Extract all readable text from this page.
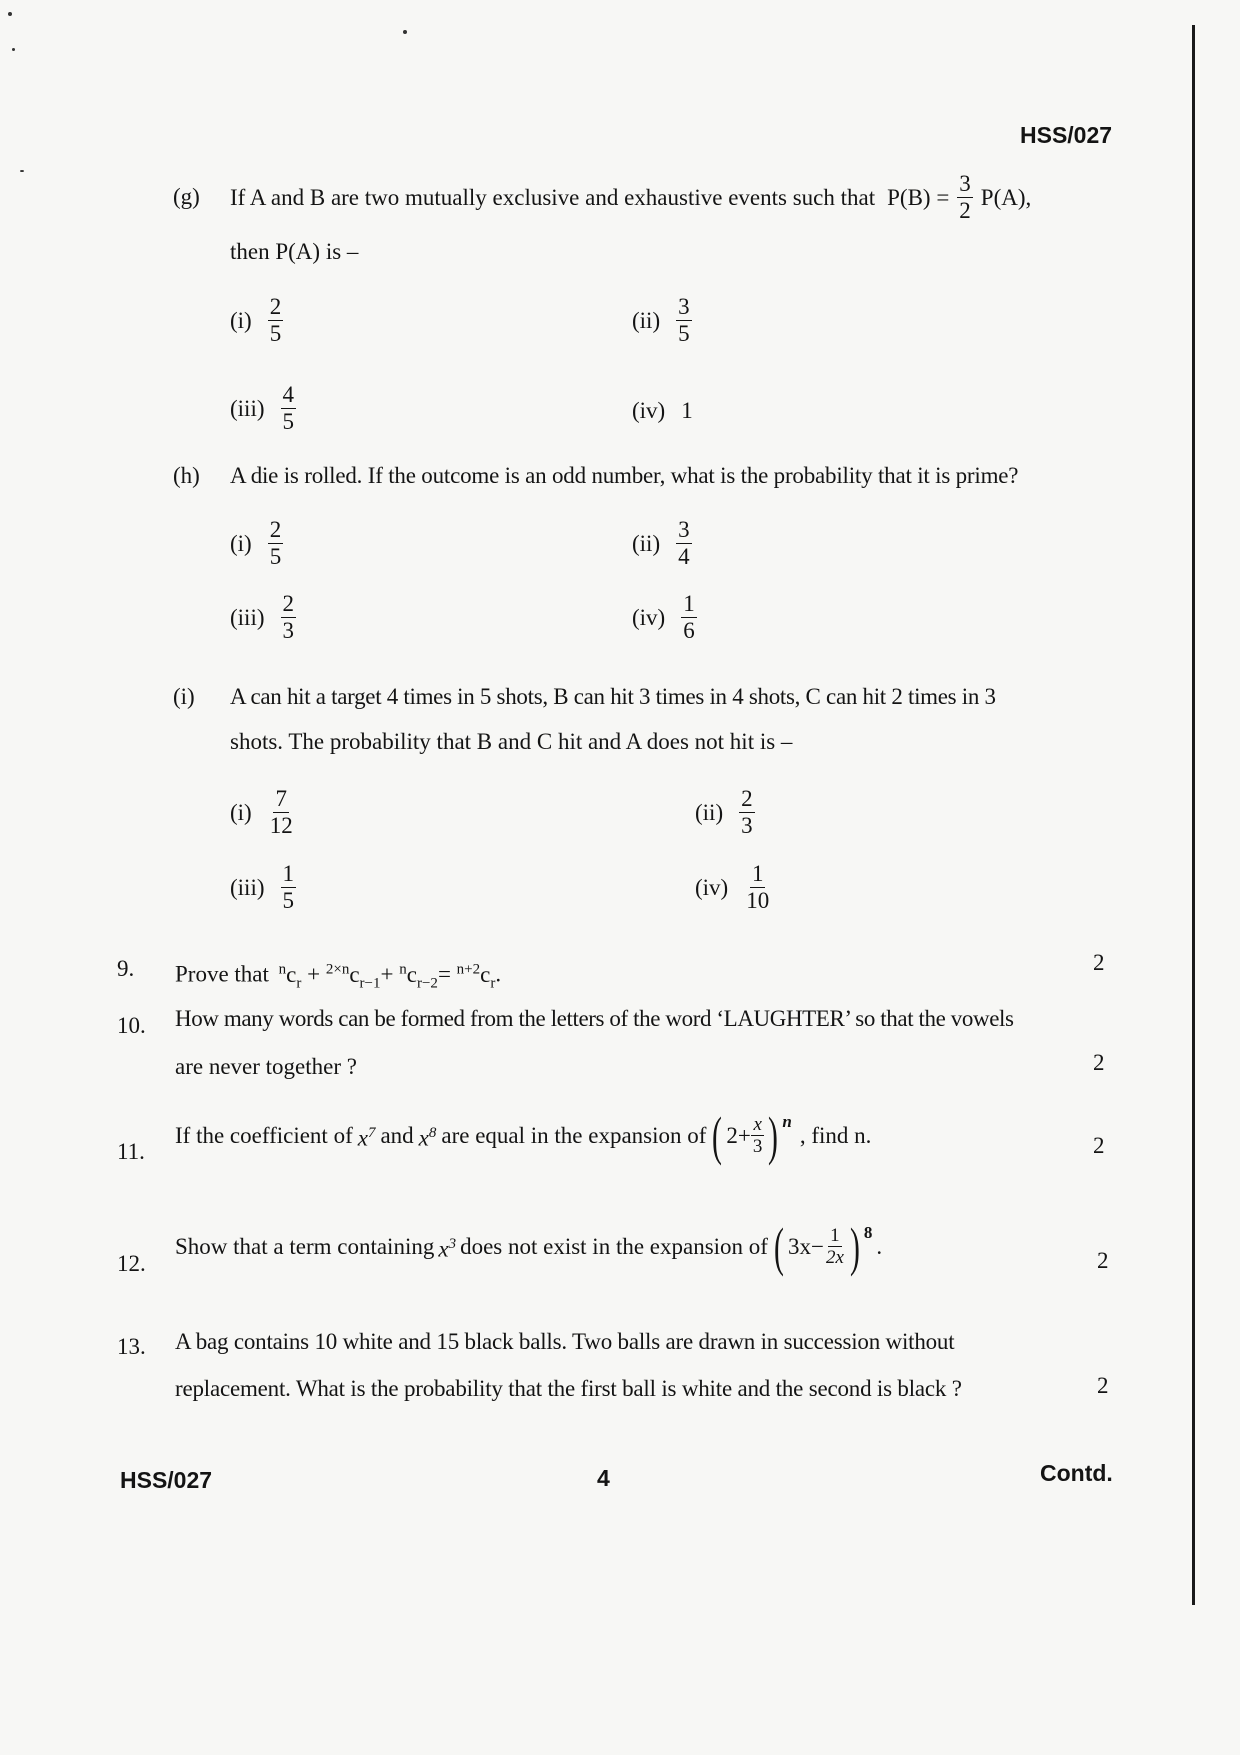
HSS/027
(g) If A and B are two mutually exclusive and exhaustive events such that $P(B) = \frac{3}{2} P(A)$,
then P(A) is –
$(i) \frac{2}{5}$	$(ii) \frac{3}{5}$
$(iii) \frac{4}{5}$	(iv) 1
(h) A die is rolled. If the outcome is an odd number, what is the probability that it is prime?
$(i) \frac{2}{5}$	$(ii) \frac{3}{4}$
$(iii) \frac{2}{3}$	$(iv) \frac{1}{6}$
(i) A can hit a target 4 times in 5 shots, B can hit 3 times in 4 shots, C can hit 2 times in 3
shots. The probability that B and C hit and A does not hit is –
$(i) \frac{7}{12}$	$(ii) \frac{2}{3}$
$(iii) \frac{1}{5}$	$(iv) \frac{1}{10}$
9. Prove that $^nc_r + ^{2\times n}c_{r-1}+ ^nc_{r-2}= ^{n+2}c_r$.	2
10. How many words can be formed from the letters of the word ‘LAUGHTER’ so that the vowels
are never together ?	2
11.
If the coefficient of $x^7$ and $x^8$ are equal in the expansion of ( $2+ \frac{x}{3}$ ) n
, find n.	2
12.
Show that a term containing $x^3$ does not exist in the expansion of ( $3x- \frac{1}{2x}$ ) 8
.
2
13. A bag contains 10 white and 15 black balls. Two balls are drawn in succession without
replacement. What is the probability that the first ball is white and the second is black ?	2
HSS/027	4	Contd.
